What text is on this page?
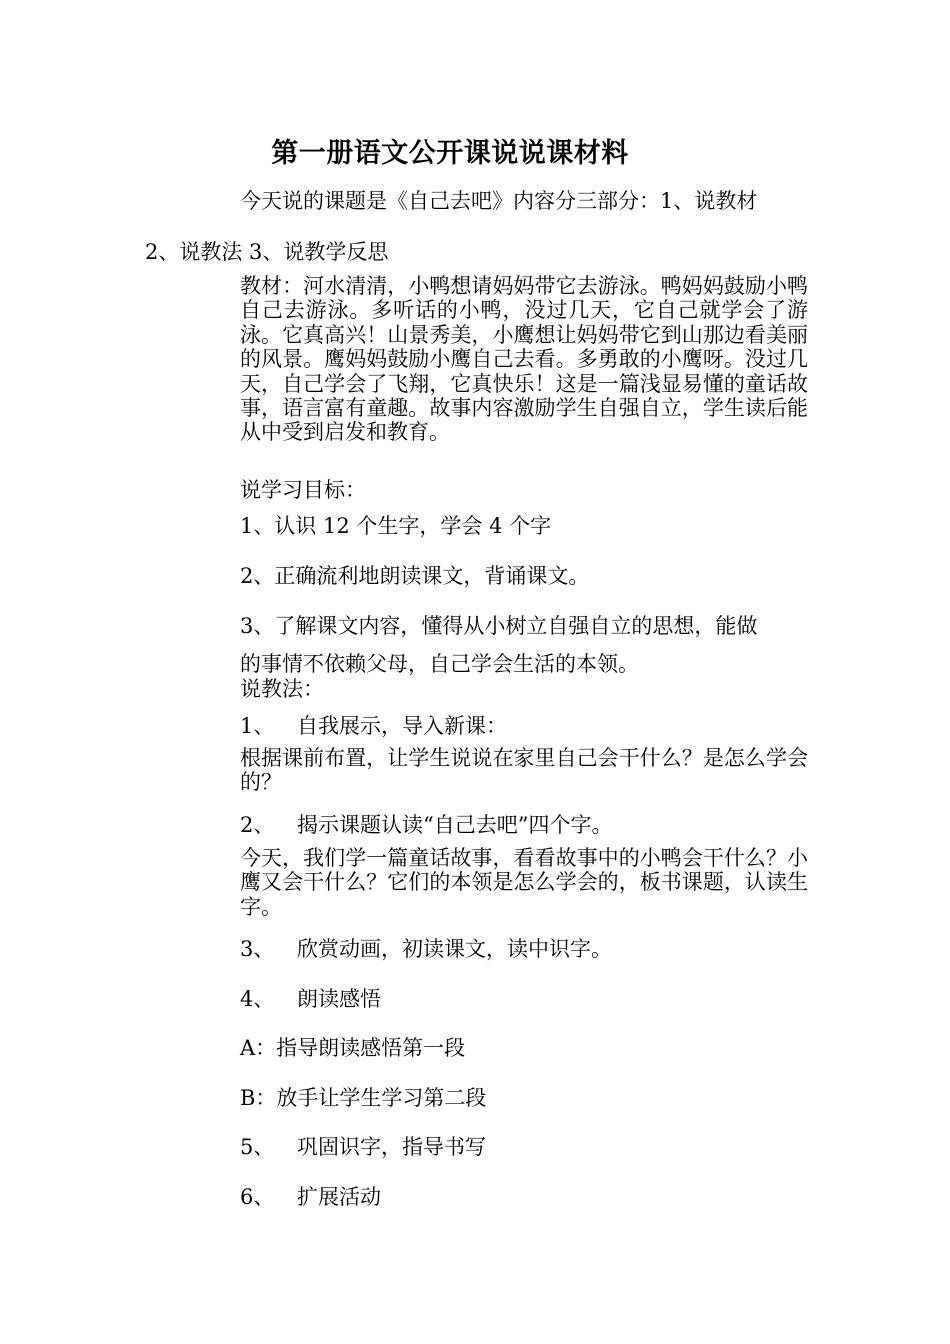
第一册语文公开课说说课材料
今天说的课题是《自己去吧》内容分三部分：1、说教材
2、说教法 3、说教学反思
教材：河水清清，小鸭想请妈妈带它去游泳。鸭妈妈鼓励小鸭自己去游泳。多听话的小鸭，没过几天，它自己就学会了游泳。它真高兴！山景秀美，小鹰想让妈妈带它到山那边看美丽的风景。鹰妈妈鼓励小鹰自己去看。多勇敢的小鹰呀。没过几天，自己学会了飞翔，它真快乐！这是一篇浅显易懂的童话故事，语言富有童趣。故事内容激励学生自强自立，学生读后能从中受到启发和教育。
说学习目标：
1、认识 12 个生字，学会 4 个字
2、正确流利地朗读课文，背诵课文。
3、了解课文内容，懂得从小树立自强自立的思想，能做
的事情不依赖父母，自己学会生活的本领。
说教法：
1、 自我展示，导入新课：
根据课前布置，让学生说说在家里自己会干什么？是怎么学会的？
2、 揭示课题认读“自己去吧”四个字。
今天，我们学一篇童话故事，看看故事中的小鸭会干什么？小鹰又会干什么？它们的本领是怎么学会的，板书课题，认读生字。
3、 欣赏动画，初读课文，读中识字。
4、 朗读感悟
A：指导朗读感悟第一段
B：放手让学生学习第二段
5、 巩固识字，指导书写
6、 扩展活动
